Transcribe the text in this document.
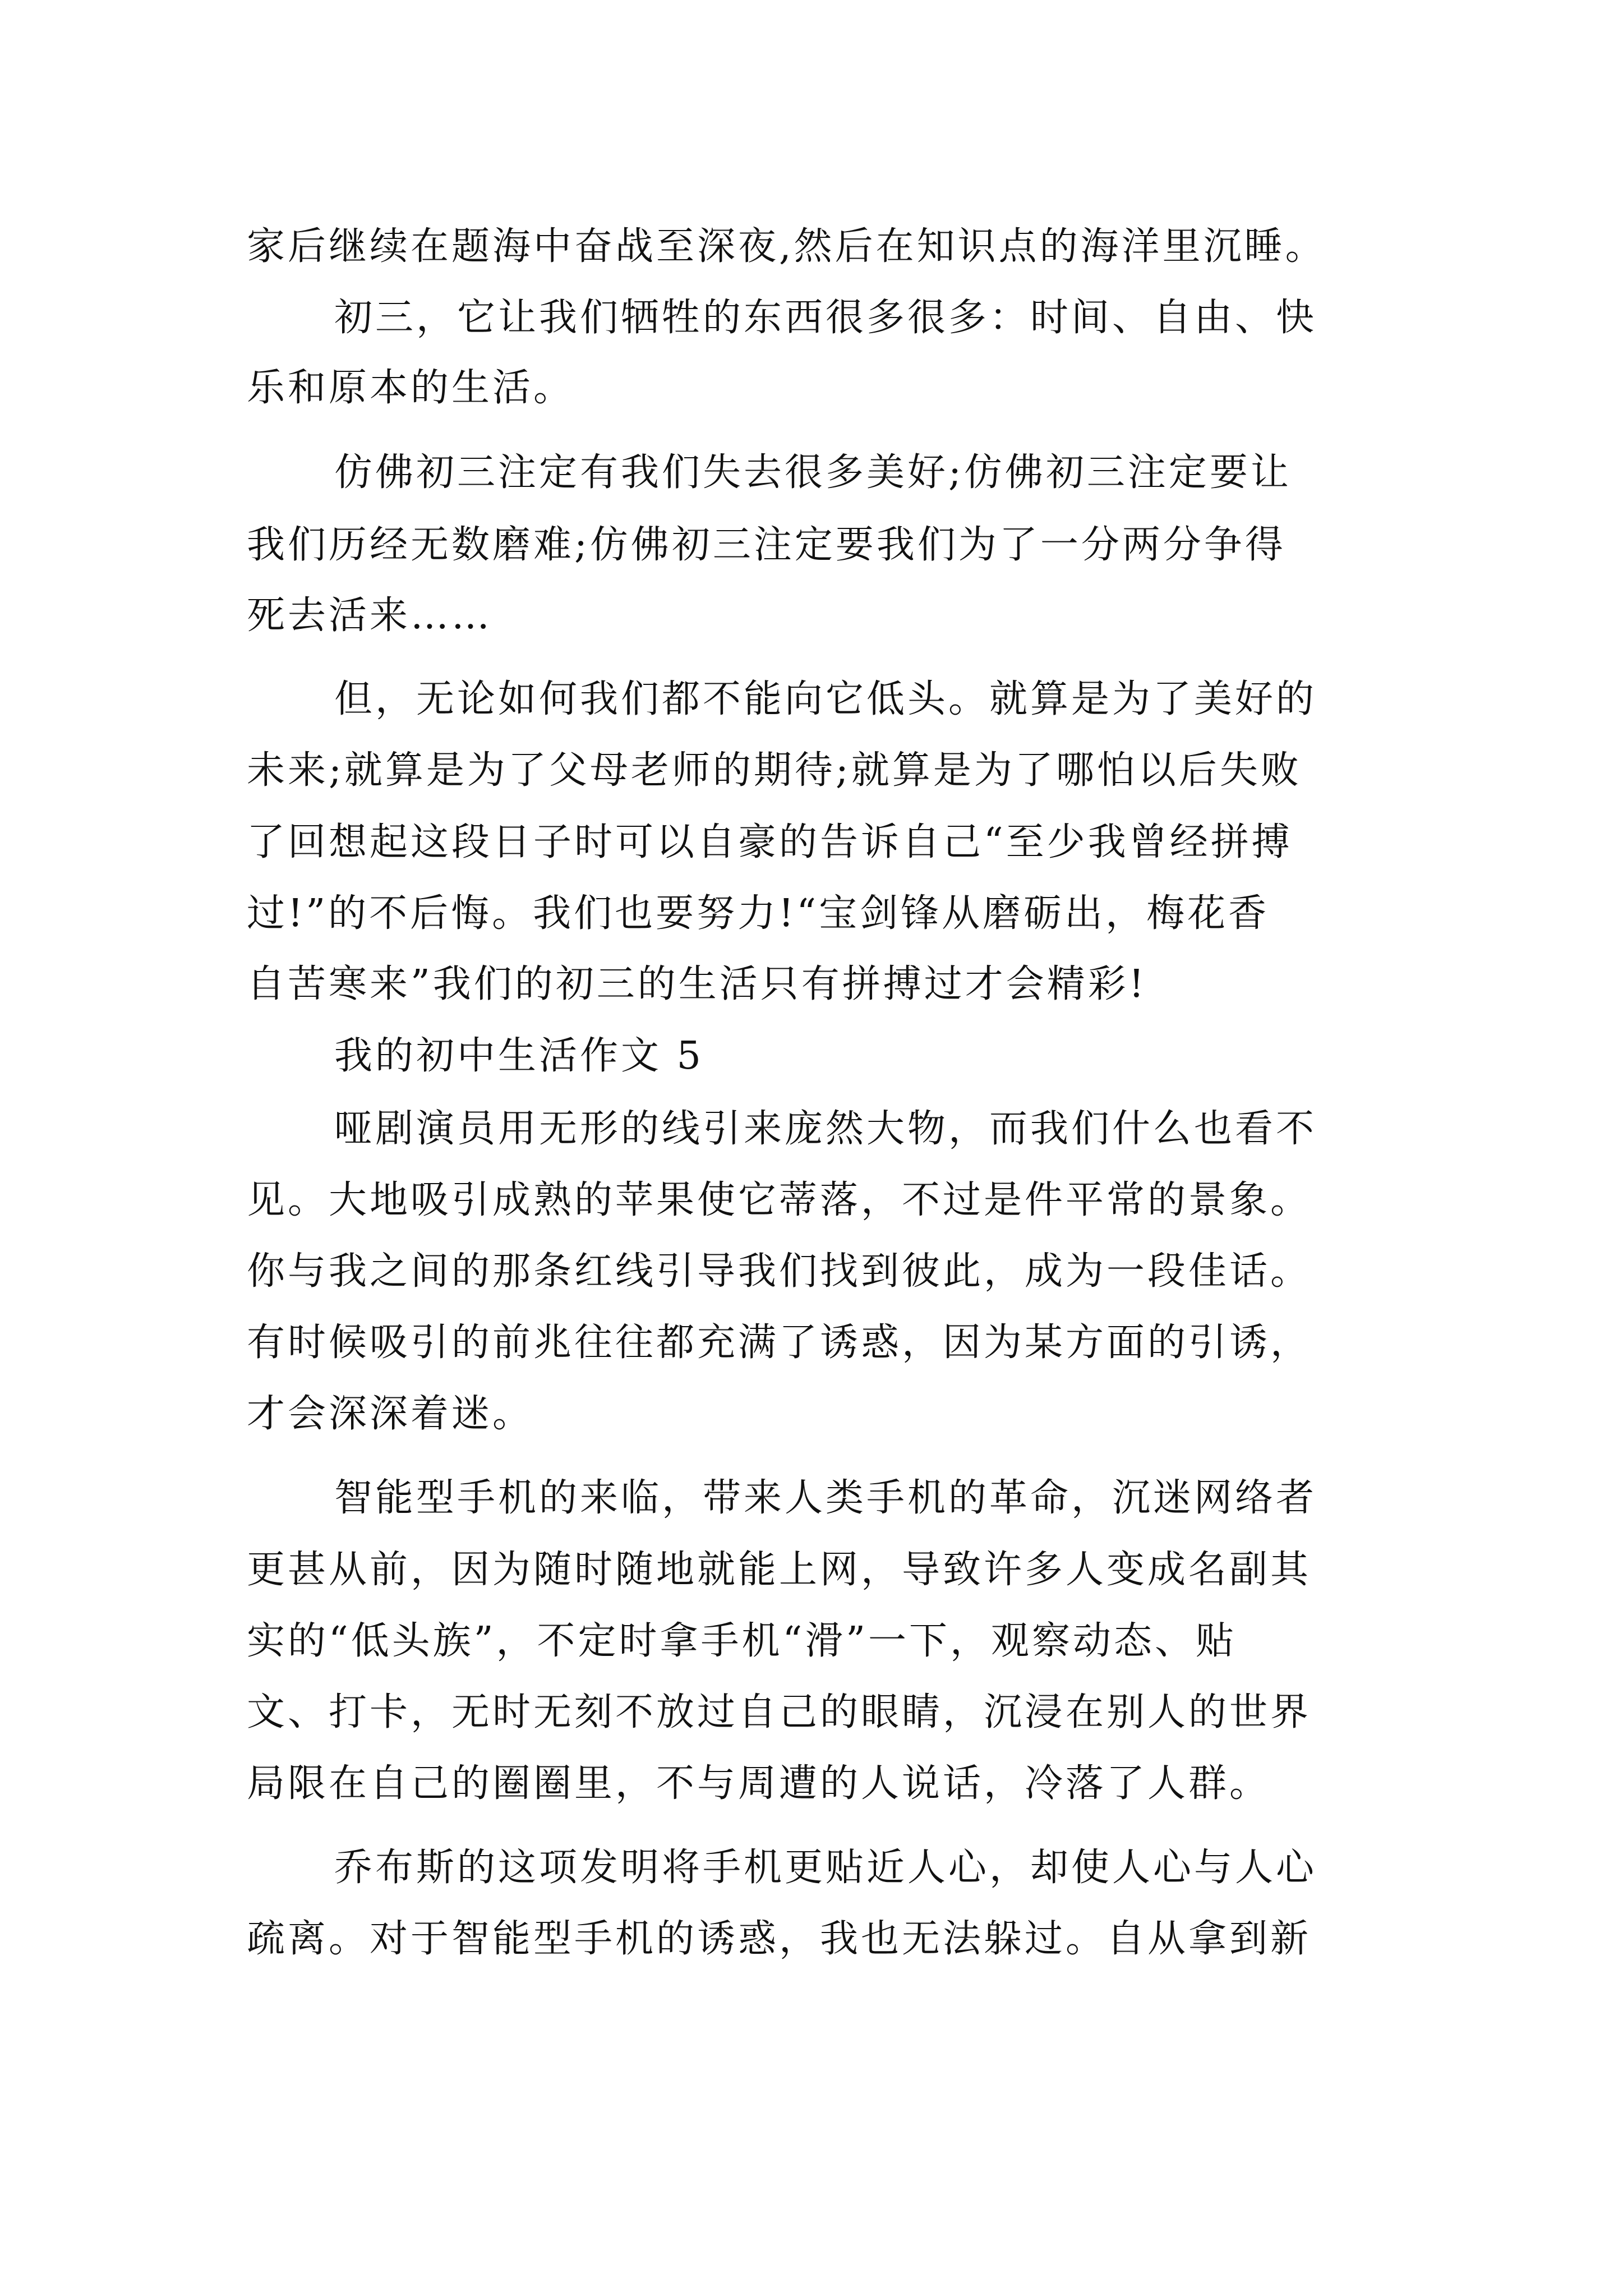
家后继续在题海中奋战至深夜,然后在知识点的海洋里沉睡。
初三，它让我们牺牲的东西很多很多：时间、自由、快
乐和原本的生活。
仿佛初三注定有我们失去很多美好;仿佛初三注定要让
我们历经无数磨难;仿佛初三注定要我们为了一分两分争得
死去活来……
但，无论如何我们都不能向它低头。就算是为了美好的
未来;就算是为了父母老师的期待;就算是为了哪怕以后失败
了回想起这段日子时可以自豪的告诉自己“至少我曾经拼搏
过!”的不后悔。我们也要努力!“宝剑锋从磨砺出，梅花香
自苦寒来”我们的初三的生活只有拼搏过才会精彩!
我的初中生活作文 5
哑剧演员用无形的线引来庞然大物，而我们什么也看不
见。大地吸引成熟的苹果使它蒂落，不过是件平常的景象。
你与我之间的那条红线引导我们找到彼此，成为一段佳话。
有时候吸引的前兆往往都充满了诱惑，因为某方面的引诱，
才会深深着迷。
智能型手机的来临，带来人类手机的革命，沉迷网络者
更甚从前，因为随时随地就能上网，导致许多人变成名副其
实的“低头族”，不定时拿手机“滑”一下，观察动态、贴
文、打卡，无时无刻不放过自己的眼睛，沉浸在别人的世界
局限在自己的圈圈里，不与周遭的人说话，冷落了人群。
乔布斯的这项发明将手机更贴近人心，却使人心与人心
疏离。对于智能型手机的诱惑，我也无法躲过。自从拿到新
